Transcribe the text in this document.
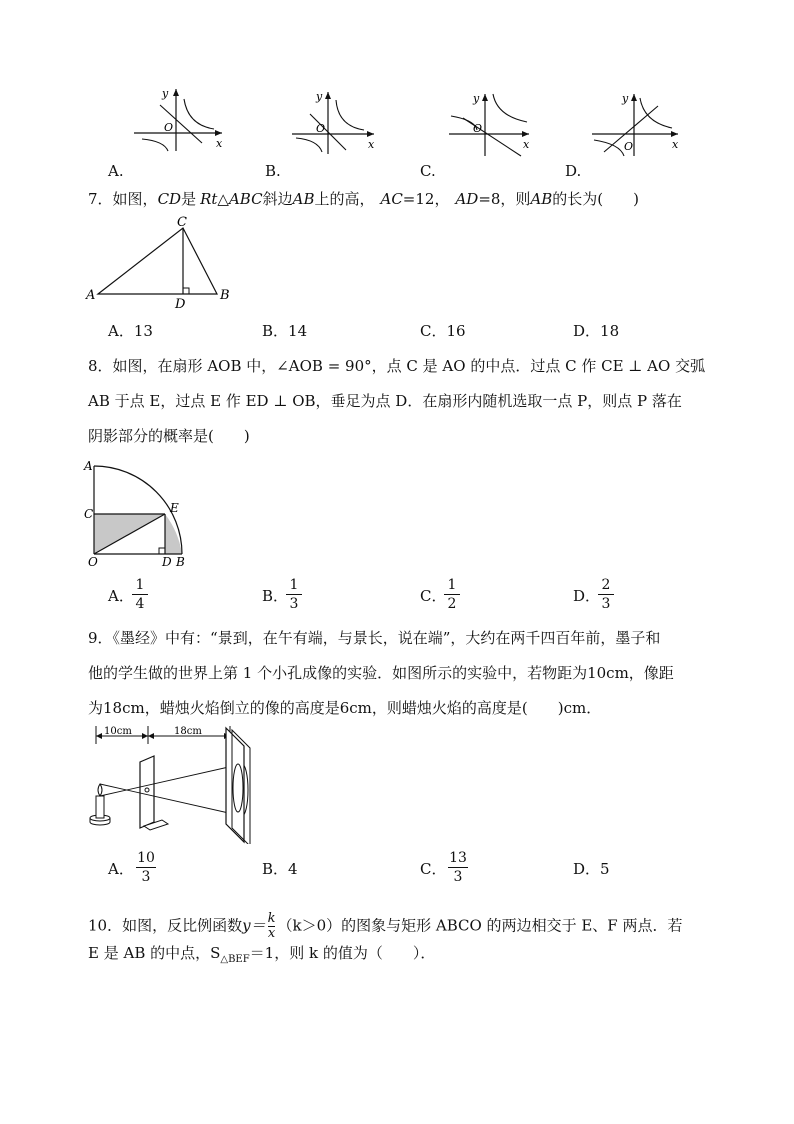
y
x
O
y
x
O
y
x
O
y
x
O
A.	B.	C.	D.
7．如图，CD是 Rt△ABC斜边AB上的高， AC=12， AD=8，则AB的长为(　　)
C
A	B
D
A．13	B．14	C．16	D．18
8．如图，在扇形 AOB 中，∠AOB = 90°，点 C 是 AO 的中点．过点 C 作 CE ⊥ AO 交弧
AB 于点 E，过点 E 作 ED ⊥ OB，垂足为点 D．在扇形内随机选取一点 P，则点 P 落在
阴影部分的概率是(　　)
A
C	E
O	D B
A．
1
4	B．
1
3	C．
1
2	D．
2
3
9．《墨经》中有：“景到，在午有端，与景长，说在端”，大约在两千四百年前，墨子和
他的学生做的世界上第 1 个小孔成像的实验．如图所示的实验中，若物距为10cm，像距
为18cm，蜡烛火焰倒立的像的高度是6cm，则蜡烛火焰的高度是(　　)cm．
10cm	18cm
A．
10
3	B．4	C．
13
3	D．5
10．如图，反比例函数$y= \frac{k}{x} (k>0)$的图象与矩形 ABCO 的两边相交于 E、F 两点．若
E 是 AB 的中点，$S_{\triangle BEF}=1$，则 k 的值为（　　）．
